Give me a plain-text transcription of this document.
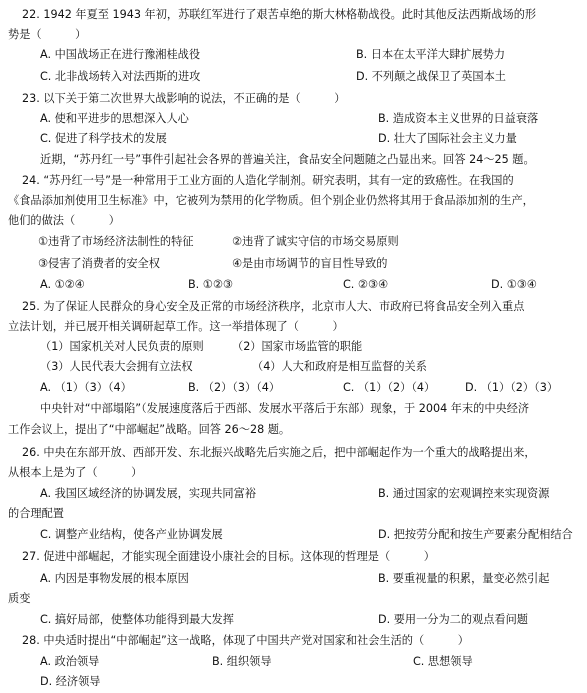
22. 1942 年夏至 1943 年初，苏联红军进行了艰苦卓绝的斯大林格勒战役。此时其他反法西斯战场的形
势是（　　　）
A. 中国战场正在进行豫湘桂战役	B. 日本在太平洋大肆扩展势力
C. 北非战场转入对法西斯的进攻	D. 不列颠之战保卫了英国本土
23. 以下关于第二次世界大战影响的说法，不正确的是（　　　）
A. 使和平进步的思想深入人心	B. 造成资本主义世界的日益衰落
C. 促进了科学技术的发展	D. 壮大了国际社会主义力量
近期，“苏丹红一号”事件引起社会各界的普遍关注，食品安全问题随之凸显出来。回答 24～25 题。
24. “苏丹红一号”是一种常用于工业方面的人造化学制剂。研究表明，其有一定的致癌性。在我国的
《食品添加剂使用卫生标准》中，它被列为禁用的化学物质。但个别企业仍然将其用于食品添加剂的生产，
他们的做法（　　　）
①违背了市场经济法制性的特征	②违背了诚实守信的市场交易原则
③侵害了消费者的安全权	④是由市场调节的盲目性导致的
A. ①②④	B. ①②③	C. ②③④	D. ①③④
25. 为了保证人民群众的身心安全及正常的市场经济秩序，北京市人大、市政府已将食品安全列入重点
立法计划，并已展开相关调研起草工作。这一举措体现了（　　　）
（1）国家机关对人民负责的原则	（2）国家市场监管的职能
（3）人民代表大会拥有立法权	（4）人大和政府是相互监督的关系
A. （1）（3）（4）	B. （2）（3）（4）	C. （1）（2）（4）	D. （1）（2）（3）
中央针对“中部塌陷”（发展速度落后于西部、发展水平落后于东部）现象，于 2004 年末的中央经济
工作会议上，提出了“中部崛起”战略。回答 26～28 题。
26. 中央在东部开放、西部开发、东北振兴战略先后实施之后，把中部崛起作为一个重大的战略提出来，
从根本上是为了（　　　）
A. 我国区域经济的协调发展，实现共同富裕	B. 通过国家的宏观调控来实现资源
的合理配置
C. 调整产业结构，使各产业协调发展	D. 把按劳分配和按生产要素分配相结合
27. 促进中部崛起，才能实现全面建设小康社会的目标。这体现的哲理是（　　　）
A. 内因是事物发展的根本原因	B. 要重视量的积累，量变必然引起
质变
C. 搞好局部，使整体功能得到最大发挥	D. 要用一分为二的观点看问题
28. 中央适时提出“中部崛起”这一战略，体现了中国共产党对国家和社会生活的（　　　）
A. 政治领导	B. 组织领导	C. 思想领导
D. 经济领导
